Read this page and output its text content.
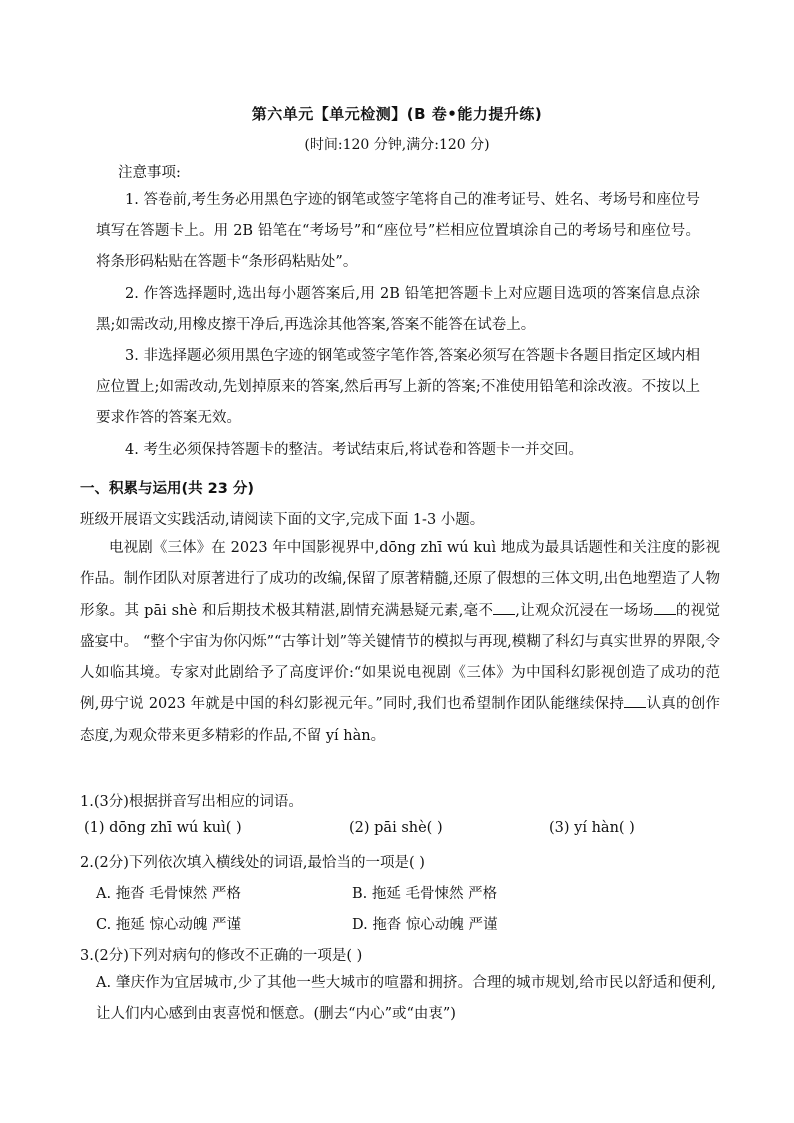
第六单元【单元检测】(B 卷•能力提升练)
(时间:120 分钟,满分:120 分)
注意事项:
1. 答卷前,考生务必用黑色字迹的钢笔或签字笔将自己的准考证号、姓名、考场号和座位号填写在答题卡上。用 2B 铅笔在“考场号”和“座位号”栏相应位置填涂自己的考场号和座位号。将条形码粘贴在答题卡“条形码粘贴处”。
2. 作答选择题时,选出每小题答案后,用 2B 铅笔把答题卡上对应题目选项的答案信息点涂黑;如需改动,用橡皮擦干净后,再选涂其他答案,答案不能答在试卷上。
3. 非选择题必须用黑色字迹的钢笔或签字笔作答,答案必须写在答题卡各题目指定区域内相应位置上;如需改动,先划掉原来的答案,然后再写上新的答案;不准使用铅笔和涂改液。不按以上要求作答的答案无效。
4. 考生必须保持答题卡的整洁。考试结束后,将试卷和答题卡一并交回。
一、积累与运用(共 23 分)
班级开展语文实践活动,请阅读下面的文字,完成下面 1-3 小题。
电视剧《三体》在 2023 年中国影视界中,dōng zhī wú kuì 地成为最具话题性和关注度的影视作品。制作团队对原著进行了成功的改编,保留了原著精髓,还原了假想的三体文明,出色地塑造了人物形象。其 pāi shè 和后期技术极其精湛,剧情充满悬疑元素,毫不 ,让观众沉浸在一场场 的视觉盛宴中。 “整个宇宙为你闪烁”“古筝计划”等关键情节的模拟与再现,模糊了科幻与真实世界的界限,令人如临其境。专家对此剧给予了高度评价:“如果说电视剧《三体》为中国科幻影视创造了成功的范例,毋宁说 2023 年就是中国的科幻影视元年。”同时,我们也希望制作团队能继续保持 认真的创作态度,为观众带来更多精彩的作品,不留 yí hàn。
1.(3分)根据拼音写出相应的词语。
(1) dōng zhī wú kuì( )	(2) pāi shè( )	(3) yí hàn( )
2.(2分)下列依次填入横线处的词语,最恰当的一项是( )
A. 拖沓 毛骨悚然 严格	B. 拖延 毛骨悚然 严格
C. 拖延 惊心动魄 严谨	D. 拖沓 惊心动魄 严谨
3.(2分)下列对病句的修改不正确的一项是( )
A. 肇庆作为宜居城市,少了其他一些大城市的喧嚣和拥挤。合理的城市规划,给市民以舒适和便利,让人们内心感到由衷喜悦和惬意。(删去“内心”或“由衷”)
